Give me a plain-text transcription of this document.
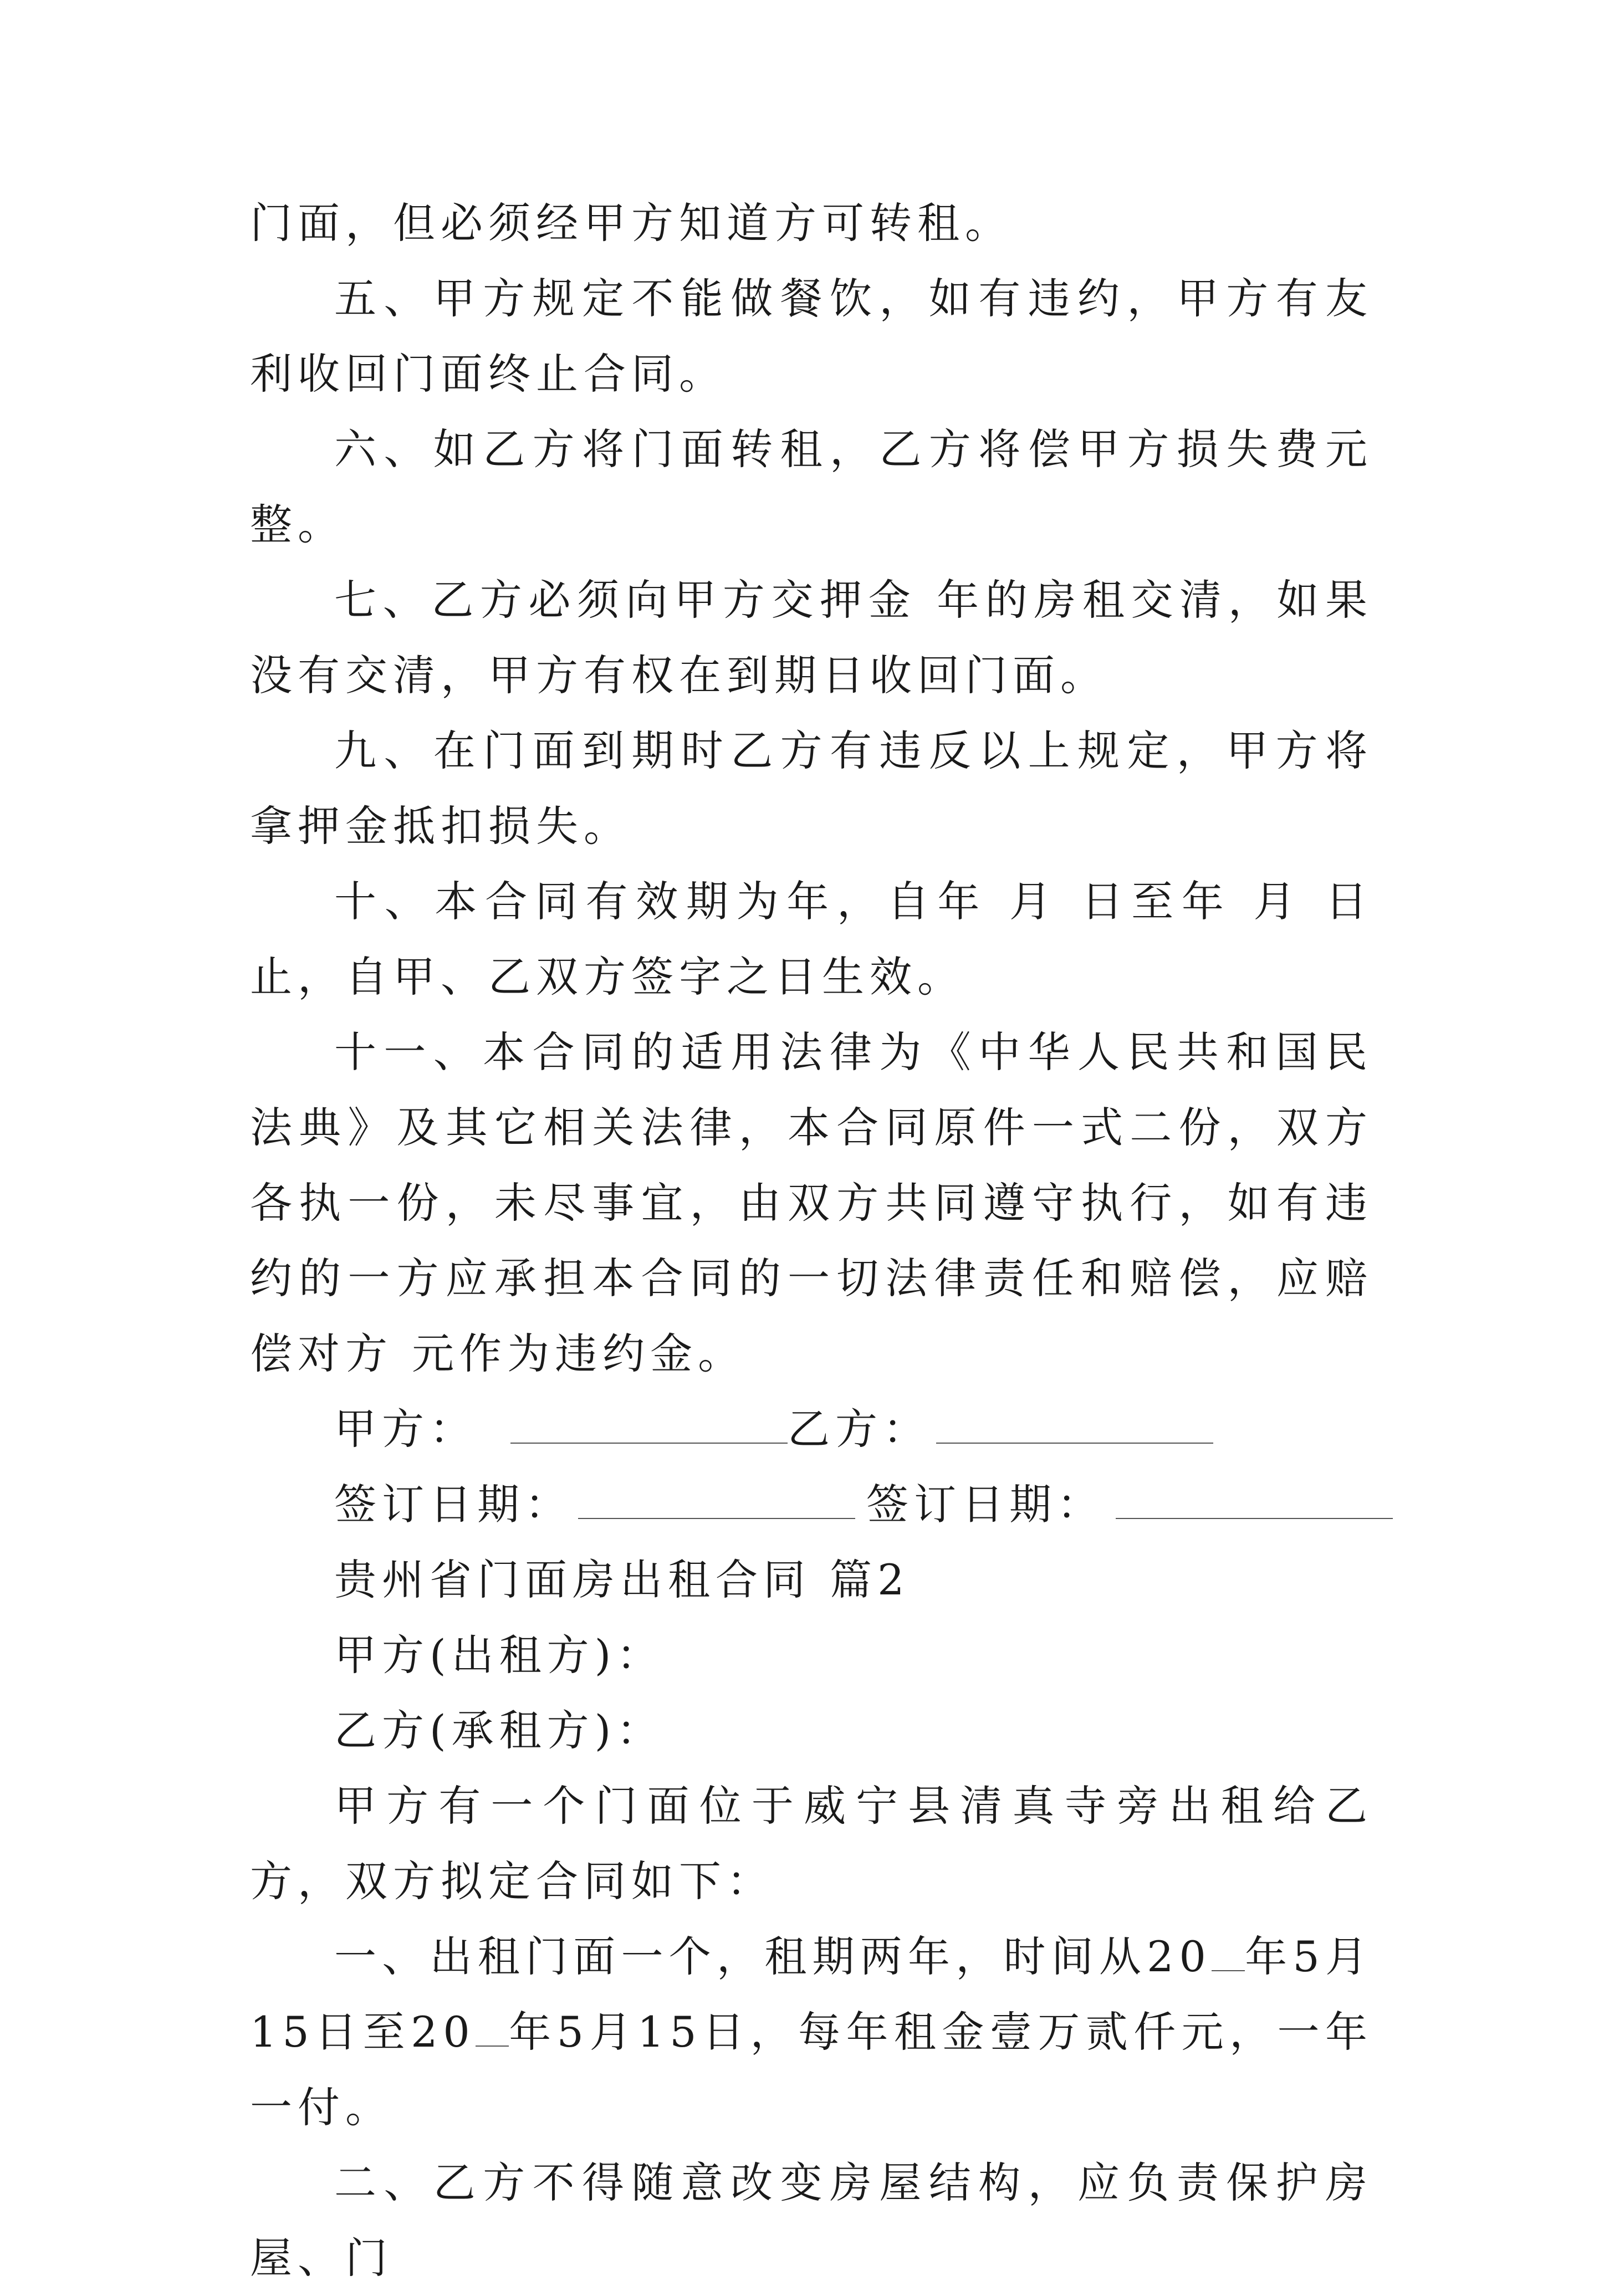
门面，但必须经甲方知道方可转租。

五、甲方规定不能做餐饮，如有违约，甲方有友利收回门面终止合同。

六、如乙方将门面转租，乙方将偿甲方损失费元整。

七、乙方必须向甲方交押金 年的房租交清，如果没有交清，甲方有权在到期日收回门面。

九、在门面到期时乙方有违反以上规定，甲方将拿押金抵扣损失。

十、本合同有效期为年，自年 月 日至年 月 日止，自甲、乙双方签字之日生效。

十一、本合同的适用法律为《中华人民共和国民法典》及其它相关法律，本合同原件一式二份，双方各执一份，未尽事宜，由双方共同遵守执行，如有违约的一方应承担本合同的一切法律责任和赔偿，应赔偿对方 元作为违约金。

甲方：	乙方：

签订日期：	签订日期：

贵州省门面房出租合同 篇2

甲方(出租方)：

乙方(承租方)：

甲方有一个门面位于威宁县清真寺旁出租给乙方，双方拟定合同如下：

一、出租门面一个，租期两年，时间从20 年5月15日至20 年5月15日，每年租金壹万贰仟元，一年一付。

二、乙方不得随意改变房屋结构，应负责保护房屋、门
